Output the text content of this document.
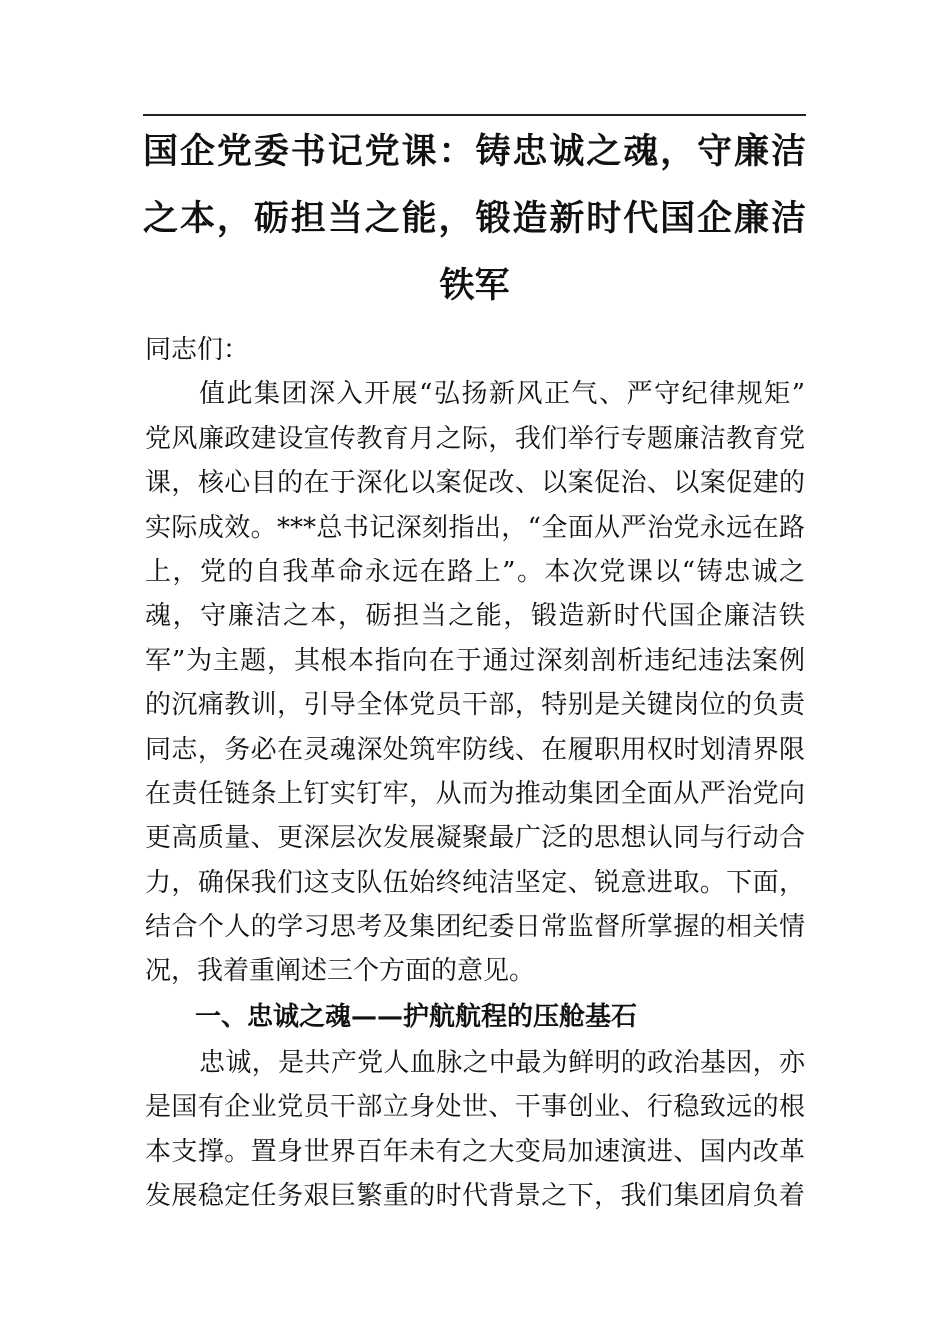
国企党委书记党课：铸忠诚之魂，守廉洁
之本，砺担当之能，锻造新时代国企廉洁
铁军
同志们：
值此集团深入开展“弘扬新风正气、严守纪律规矩”
党风廉政建设宣传教育月之际，我们举行专题廉洁教育党
课，核心目的在于深化以案促改、以案促治、以案促建的
实际成效。***总书记深刻指出，“全面从严治党永远在路
上，党的自我革命永远在路上”。本次党课以“铸忠诚之
魂，守廉洁之本，砺担当之能，锻造新时代国企廉洁铁
军”为主题，其根本指向在于通过深刻剖析违纪违法案例
的沉痛教训，引导全体党员干部，特别是关键岗位的负责
同志，务必在灵魂深处筑牢防线、在履职用权时划清界限
在责任链条上钉实钉牢，从而为推动集团全面从严治党向
更高质量、更深层次发展凝聚最广泛的思想认同与行动合
力，确保我们这支队伍始终纯洁坚定、锐意进取。下面，
结合个人的学习思考及集团纪委日常监督所掌握的相关情
况，我着重阐述三个方面的意见。
一、忠诚之魂——护航航程的压舱基石
忠诚，是共产党人血脉之中最为鲜明的政治基因，亦
是国有企业党员干部立身处世、干事创业、行稳致远的根
本支撑。置身世界百年未有之大变局加速演进、国内改革
发展稳定任务艰巨繁重的时代背景之下，我们集团肩负着
